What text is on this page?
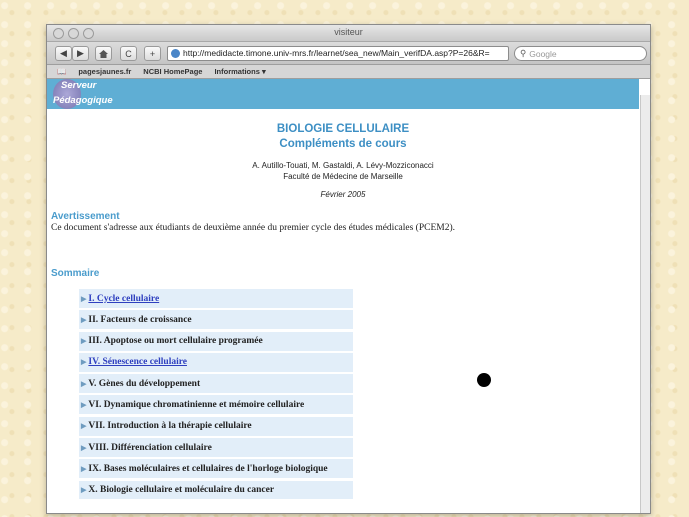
visiteur
◀	▶	C	+	http://medidacte.timone.univ-mrs.fr/learnet/sea_new/Main_verifDA.asp?P=26&R=	⚲ Google
📖 pagesjaunes.fr NCBI HomePage Informations ▾
Serveur
Pédagogique
BIOLOGIE CELLULAIRE
Compléments de cours
A. Autillo-Touati, M. Gastaldi, A. Lévy-Mozziconacci
Faculté de Médecine de Marseille
Février 2005
Avertissement
Ce document s'adresse aux étudiants de deuxième année du premier cycle des études médicales (PCEM2).
Sommaire
▶ I. Cycle cellulaire
▶ II. Facteurs de croissance
▶ III. Apoptose ou mort cellulaire programée
▶ IV. Sénescence cellulaire
▶ V. Gènes du développement
▶ VI. Dynamique chromatinienne et mémoire cellulaire
▶ VII. Introduction à la thérapie cellulaire
▶ VIII. Différenciation cellulaire
▶ IX. Bases moléculaires et cellulaires de l'horloge biologique
▶ X. Biologie cellulaire et moléculaire du cancer
